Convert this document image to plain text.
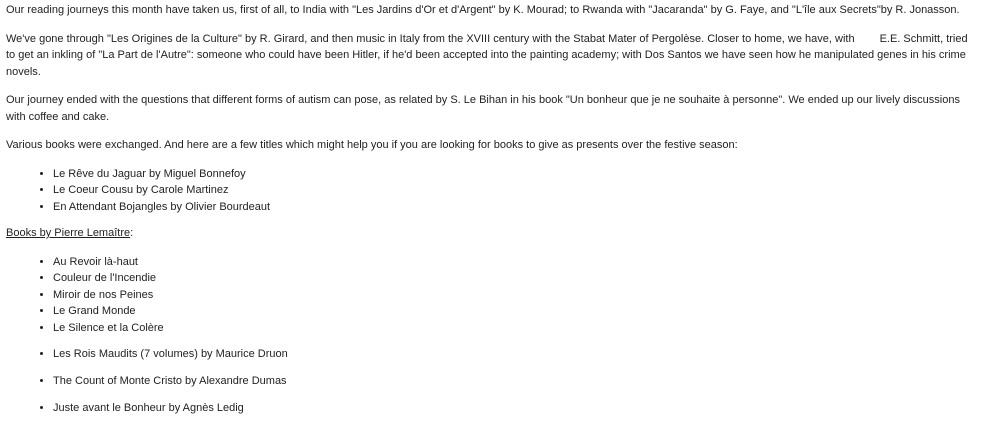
Our reading journeys this month have taken us, first of all, to India with "Les Jardins d'Or et d'Argent" by K. Mourad; to Rwanda with "Jacaranda" by G. Faye, and "L'île aux Secrets"by R. Jonasson.

We've gone through "Les Origines de la Culture" by R. Girard, and then music in Italy from the XVIII century with the Stabat Mater of Pergolèse. Closer to home, we have, with E.E. Schmitt, tried to get an inkling of "La Part de l'Autre": someone who could have been Hitler, if he'd been accepted into the painting academy; with Dos Santos we have seen how he manipulated genes in his crime novels.

Our journey ended with the questions that different forms of autism can pose, as related by S. Le Bihan in his book "Un bonheur que je ne souhaite à personne". We ended up our lively discussions with coffee and cake.

Various books were exchanged. And here are a few titles which might help you if you are looking for books to give as presents over the festive season:

• Le Rêve du Jaguar by Miguel Bonnefoy
• Le Coeur Cousu by Carole Martinez
• En Attendant Bojangles by Olivier Bourdeaut

Books by Pierre Lemaître:

• Au Revoir là-haut
• Couleur de l'Incendie
• Miroir de nos Peines
• Le Grand Monde
• Le Silence et la Colère
• Les Rois Maudits (7 volumes) by Maurice Druon
• The Count of Monte Cristo by Alexandre Dumas
• Juste avant le Bonheur by Agnès Ledig
